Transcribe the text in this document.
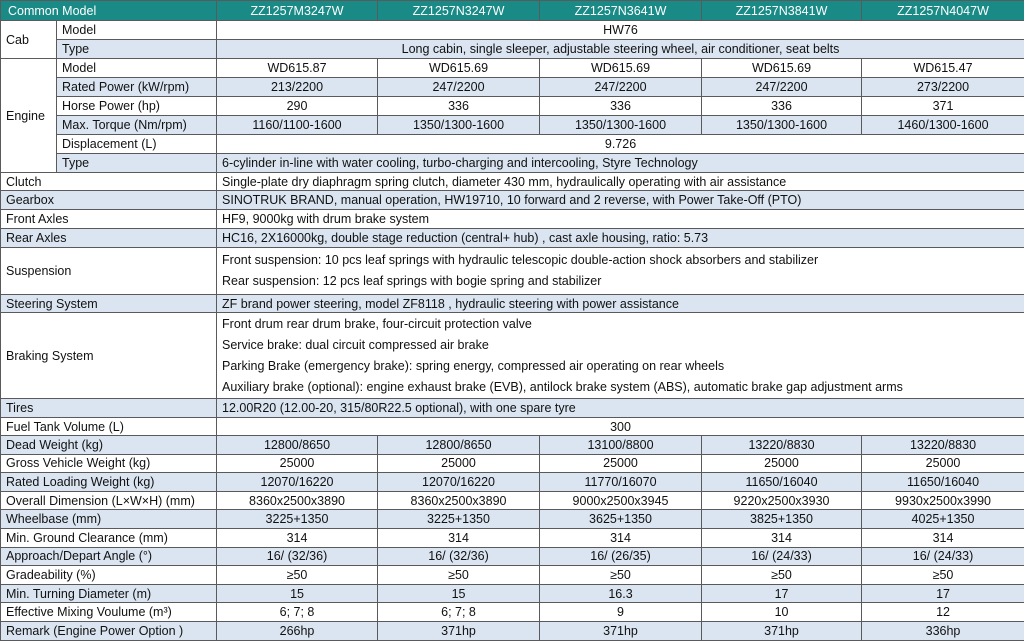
Common Model		ZZ1257M3247W	ZZ1257N3247W	ZZ1257N3641W	ZZ1257N3841W	ZZ1257N4047W
Cab	Model	HW76				
	Type	Long cabin, single sleeper, adjustable steering wheel, air conditioner, seat belts				
Engine	Model	WD615.87	WD615.69	WD615.69	WD615.69	WD615.47
	Rated Power (kW/rpm)	213/2200	247/2200	247/2200	247/2200	273/2200
	Horse Power (hp)	290	336	336	336	371
	Max. Torque (Nm/rpm)	1160/1100-1600	1350/1300-1600	1350/1300-1600	1350/1300-1600	1460/1300-1600
	Displacement (L)	9.726				
	Type	6-cylinder in-line with water cooling, turbo-charging and intercooling, Styre Technology				
Clutch		Single-plate dry diaphragm spring clutch, diameter 430 mm, hydraulically operating with air assistance				
Gearbox		SINOTRUK BRAND, manual operation, HW19710, 10 forward and 2 reverse, with Power Take-Off (PTO)				
Front Axles		HF9, 9000kg with drum brake system				
Rear Axles		HC16, 2X16000kg, double stage reduction (central+ hub) , cast axle housing, ratio: 5.73				
Suspension		Front suspension: 10 pcs leaf springs with hydraulic telescopic double-action shock absorbers and stabilizer
Rear suspension: 12 pcs leaf springs with bogie spring and stabilizer				

Steering System		ZF brand power steering, model ZF8118 , hydraulic steering with power assistance				
Braking System		Front drum rear drum brake, four-circuit protection valve
Service brake: dual circuit compressed air brake
Parking Brake (emergency brake): spring energy, compressed air operating on rear wheels
Auxiliary brake (optional): engine exhaust brake (EVB), antilock brake system (ABS), automatic brake gap adjustment arms				

Tires		12.00R20 (12.00-20, 315/80R22.5 optional), with one spare tyre				
Fuel Tank Volume (L)		300				
Dead Weight (kg)		12800/8650	12800/8650	13100/8800	13220/8830	13220/8830
Gross Vehicle Weight (kg)		25000	25000	25000	25000	25000
Rated Loading Weight (kg)		12070/16220	12070/16220	11770/16070	11650/16040	11650/16040
Overall Dimension (L×W×H) (mm)		8360x2500x3890	8360x2500x3890	9000x2500x3945	9220x2500x3930	9930x2500x3990
Wheelbase (mm)		3225+1350	3225+1350	3625+1350	3825+1350	4025+1350
Min. Ground Clearance (mm)		314	314	314	314	314
Approach/Depart Angle (°)		16/ (32/36)	16/ (32/36)	16/ (26/35)	16/ (24/33)	16/ (24/33)
Gradeability (%)		≥50	≥50	≥50	≥50	≥50
Min. Turning Diameter (m)		15	15	16.3	17	17
Effective Mixing Voulume (m³)		6; 7; 8	6; 7; 8	9	10	12
Remark (Engine Power Option )		266hp	371hp	371hp	371hp	336hp
